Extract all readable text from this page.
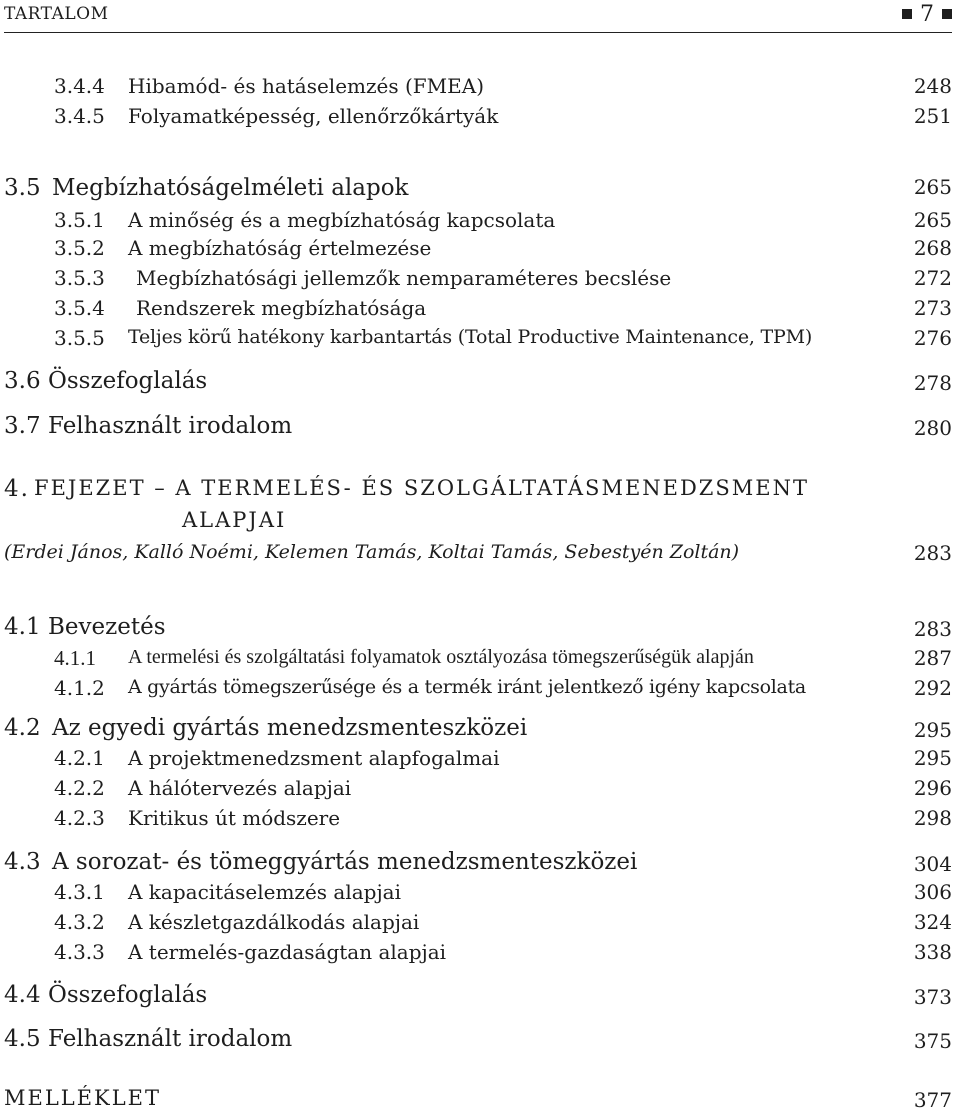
TARTALOM	7
3.4.4 Hibamód- és hatáselemzés (FMEA)	248
3.4.5 Folyamatképesség, ellenőrzőkártyák	251
3.5 Megbízhatóságelméleti alapok	265
3.5.1 A minőség és a megbízhatóság kapcsolata	265
3.5.2 A megbízhatóság értelmezése	268
3.5.3 Megbízhatósági jellemzők nemparaméteres becslése	272
3.5.4 Rendszerek megbízhatósága	273
3.5.5 Teljes körű hatékony karbantartás (Total Productive Maintenance, TPM)	276
3.6 Összefoglalás	278
3.7 Felhasznált irodalom	280
4. FEJEZET – A TERMELÉS- ÉS SZOLGÁLTATÁSMENEDZSMENT
ALAPJAI
(Erdei János, Kalló Noémi, Kelemen Tamás, Koltai Tamás, Sebestyén Zoltán)	283
4.1 Bevezetés	283
4.1.1 A termelési és szolgáltatási folyamatok osztályozása tömegszerűségük alapján	287
4.1.2 A gyártás tömegszerűsége és a termék iránt jelentkező igény kapcsolata	292
4.2 Az egyedi gyártás menedzsmenteszközei	295
4.2.1 A projektmenedzsment alapfogalmai	295
4.2.2 A hálótervezés alapjai	296
4.2.3 Kritikus út módszere	298
4.3 A sorozat- és tömeggyártás menedzsmenteszközei	304
4.3.1 A kapacitáselemzés alapjai	306
4.3.2 A készletgazdálkodás alapjai	324
4.3.3 A termelés-gazdaságtan alapjai	338
4.4 Összefoglalás	373
4.5 Felhasznált irodalom	375
MELLÉKLET	377
